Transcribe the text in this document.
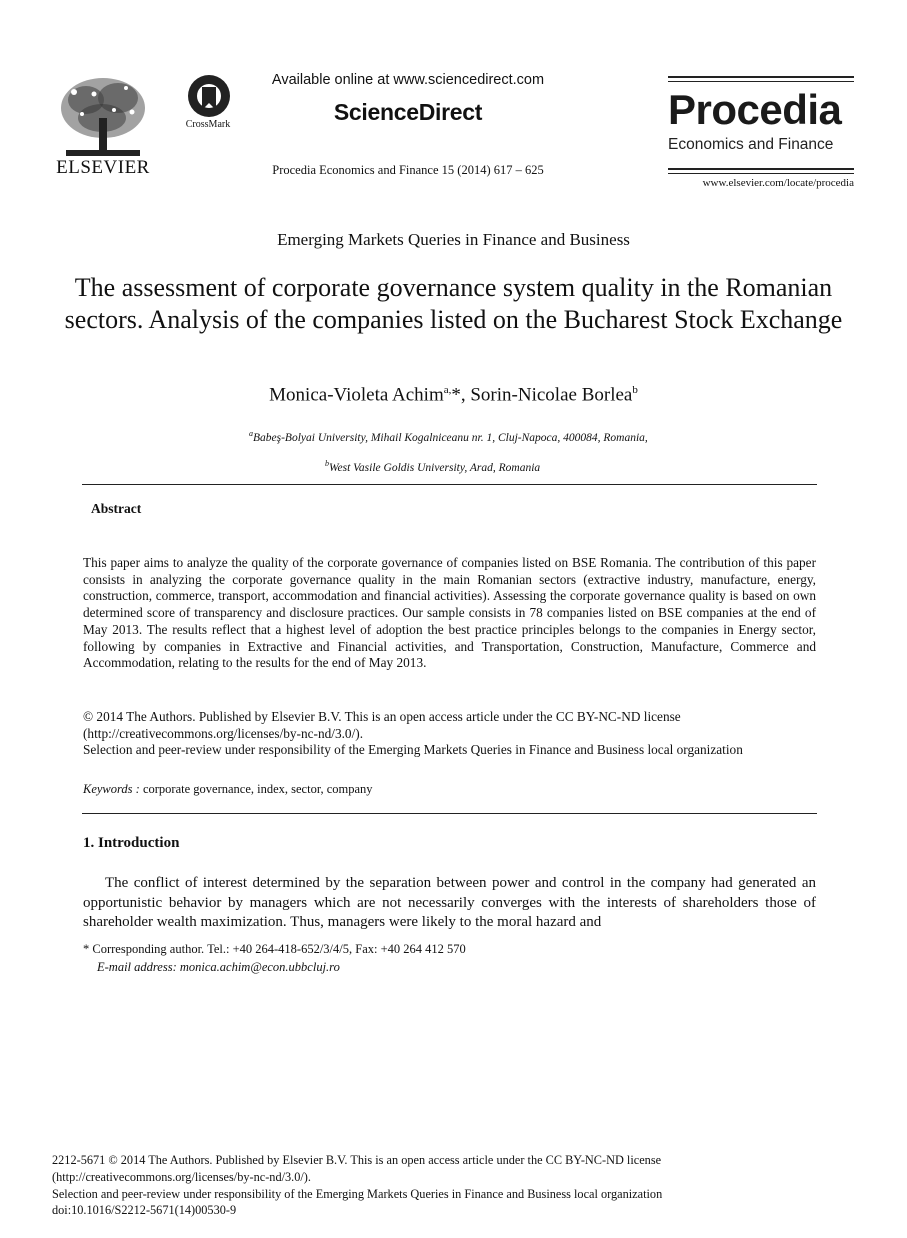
ELSEVIER
CrossMark
Available online at www.sciencedirect.com
ScienceDirect
Procedia Economics and Finance 15 (2014) 617 – 625
Procedia
Economics and Finance
www.elsevier.com/locate/procedia
Emerging Markets Queries in Finance and Business
The assessment of corporate governance system quality in the Romanian sectors. Analysis of the companies listed on the Bucharest Stock Exchange
Monica-Violeta Achim$^{a,}$*, Sorin-Nicolae Borlea$^b$
$^a$Babeş-Bolyai University, Mihail Kogalniceanu nr. 1, Cluj-Napoca, 400084, Romania,
$^b$West Vasile Goldis University, Arad, Romania
Abstract
This paper aims to analyze the quality of the corporate governance of companies listed on BSE Romania. The contribution of this paper consists in analyzing the corporate governance quality in the main Romanian sectors (extractive industry, manufacture, energy, construction, commerce, transport, accommodation and financial activities). Assessing the corporate governance quality is based on own determined score of transparency and disclosure practices. Our sample consists in 78 companies listed on BSE companies at the end of May 2013. The results reflect that a highest level of adoption the best practice principles belongs to the companies in Energy sector, following by companies in Extractive and Financial activities, and Transportation, Construction, Manufacture, Commerce and Accommodation, relating to the results for the end of May 2013.
© 2014 The Authors. Published by Elsevier B.V. This is an open access article under the CC BY-NC-ND license
(http://creativecommons.org/licenses/by-nc-nd/3.0/).
Selection and peer-review under responsibility of the Emerging Markets Queries in Finance and Business local organization
Keywords : corporate governance, index, sector, company
1. Introduction
The conflict of interest determined by the separation between power and control in the company had generated an opportunistic behavior by managers which are not necessarily converges with the interests of shareholders those of shareholder wealth maximization. Thus, managers were likely to the moral hazard and
* Corresponding author. Tel.: +40 264-418-652/3/4/5, Fax: +40 264 412 570
E-mail address: monica.achim@econ.ubbcluj.ro
2212-5671 © 2014 The Authors. Published by Elsevier B.V. This is an open access article under the CC BY-NC-ND license
(http://creativecommons.org/licenses/by-nc-nd/3.0/).
Selection and peer-review under responsibility of the Emerging Markets Queries in Finance and Business local organization
doi:10.1016/S2212-5671(14)00530-9
